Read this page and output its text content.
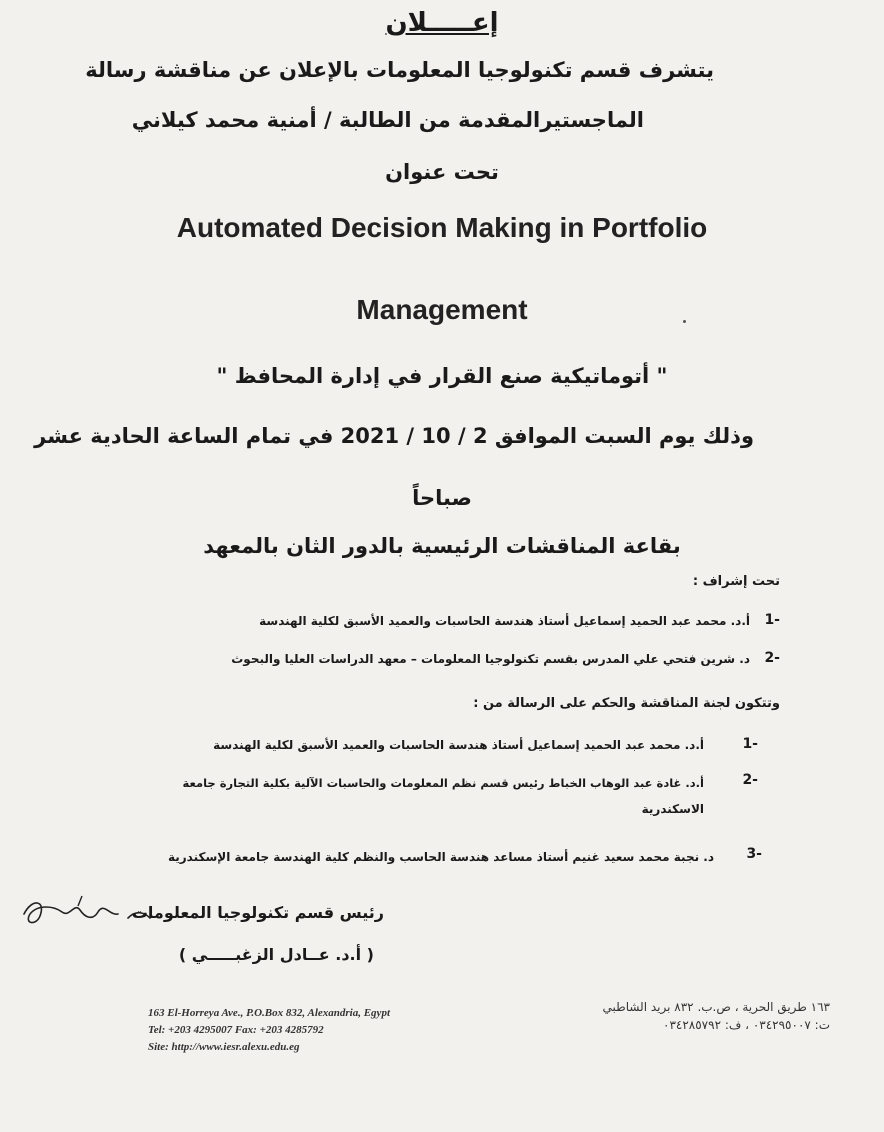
إعـــــلان
يتشرف قسم تكنولوجيا المعلومات بالإعلان عن مناقشة رسالة
الماجستيرالمقدمة من الطالبة / أمنية محمد كيلاني
تحت عنوان
Automated Decision Making in Portfolio
Management
" أتوماتيكية صنع القرار في إدارة المحافظ "
وذلك يوم السبت الموافق 2 / 10 / 2021 في تمام الساعة الحادية عشر
صباحاً
بقاعة المناقشات الرئيسية بالدور الثان بالمعهد
تحت إشراف :
1-
أ.د. محمد عبد الحميد إسماعيل أستاذ هندسة الحاسبات والعميد الأسبق لكلية الهندسة
2-
د. شرين فتحي علي المدرس بقسم تكنولوجيا المعلومات – معهد الدراسات العليا والبحوث
وتتكون لجنة المناقشة والحكم على الرسالة من :
1-
أ.د. محمد عبد الحميد إسماعيل أستاذ هندسة الحاسبات والعميد الأسبق لكلية الهندسة
2-
أ.د. غادة عبد الوهاب الخباط رئيس قسم نظم المعلومات والحاسبات الآلية بكلية التجارة جامعة
الاسكندرية
3-
د. نجبة محمد سعيد غنيم أستاذ مساعد هندسة الحاسب والنظم كلية الهندسة جامعة الإسكندرية
رئيس قسم تكنولوجيا المعلومات
( أ.د. عــادل الزغبـــــي )
163 El-Horreya Ave., P.O.Box 832, Alexandria, Egypt
Tel: +203 4295007 Fax: +203 4285792
Site: http://www.iesr.alexu.edu.eg
١٦٣ طريق الحرية ، ص.ب. ٨٣٢ بريد الشاطبي
ت: ٠٣٤٢٩٥٠٠٧ ، ف: ٠٣٤٢٨٥٧٩٢
